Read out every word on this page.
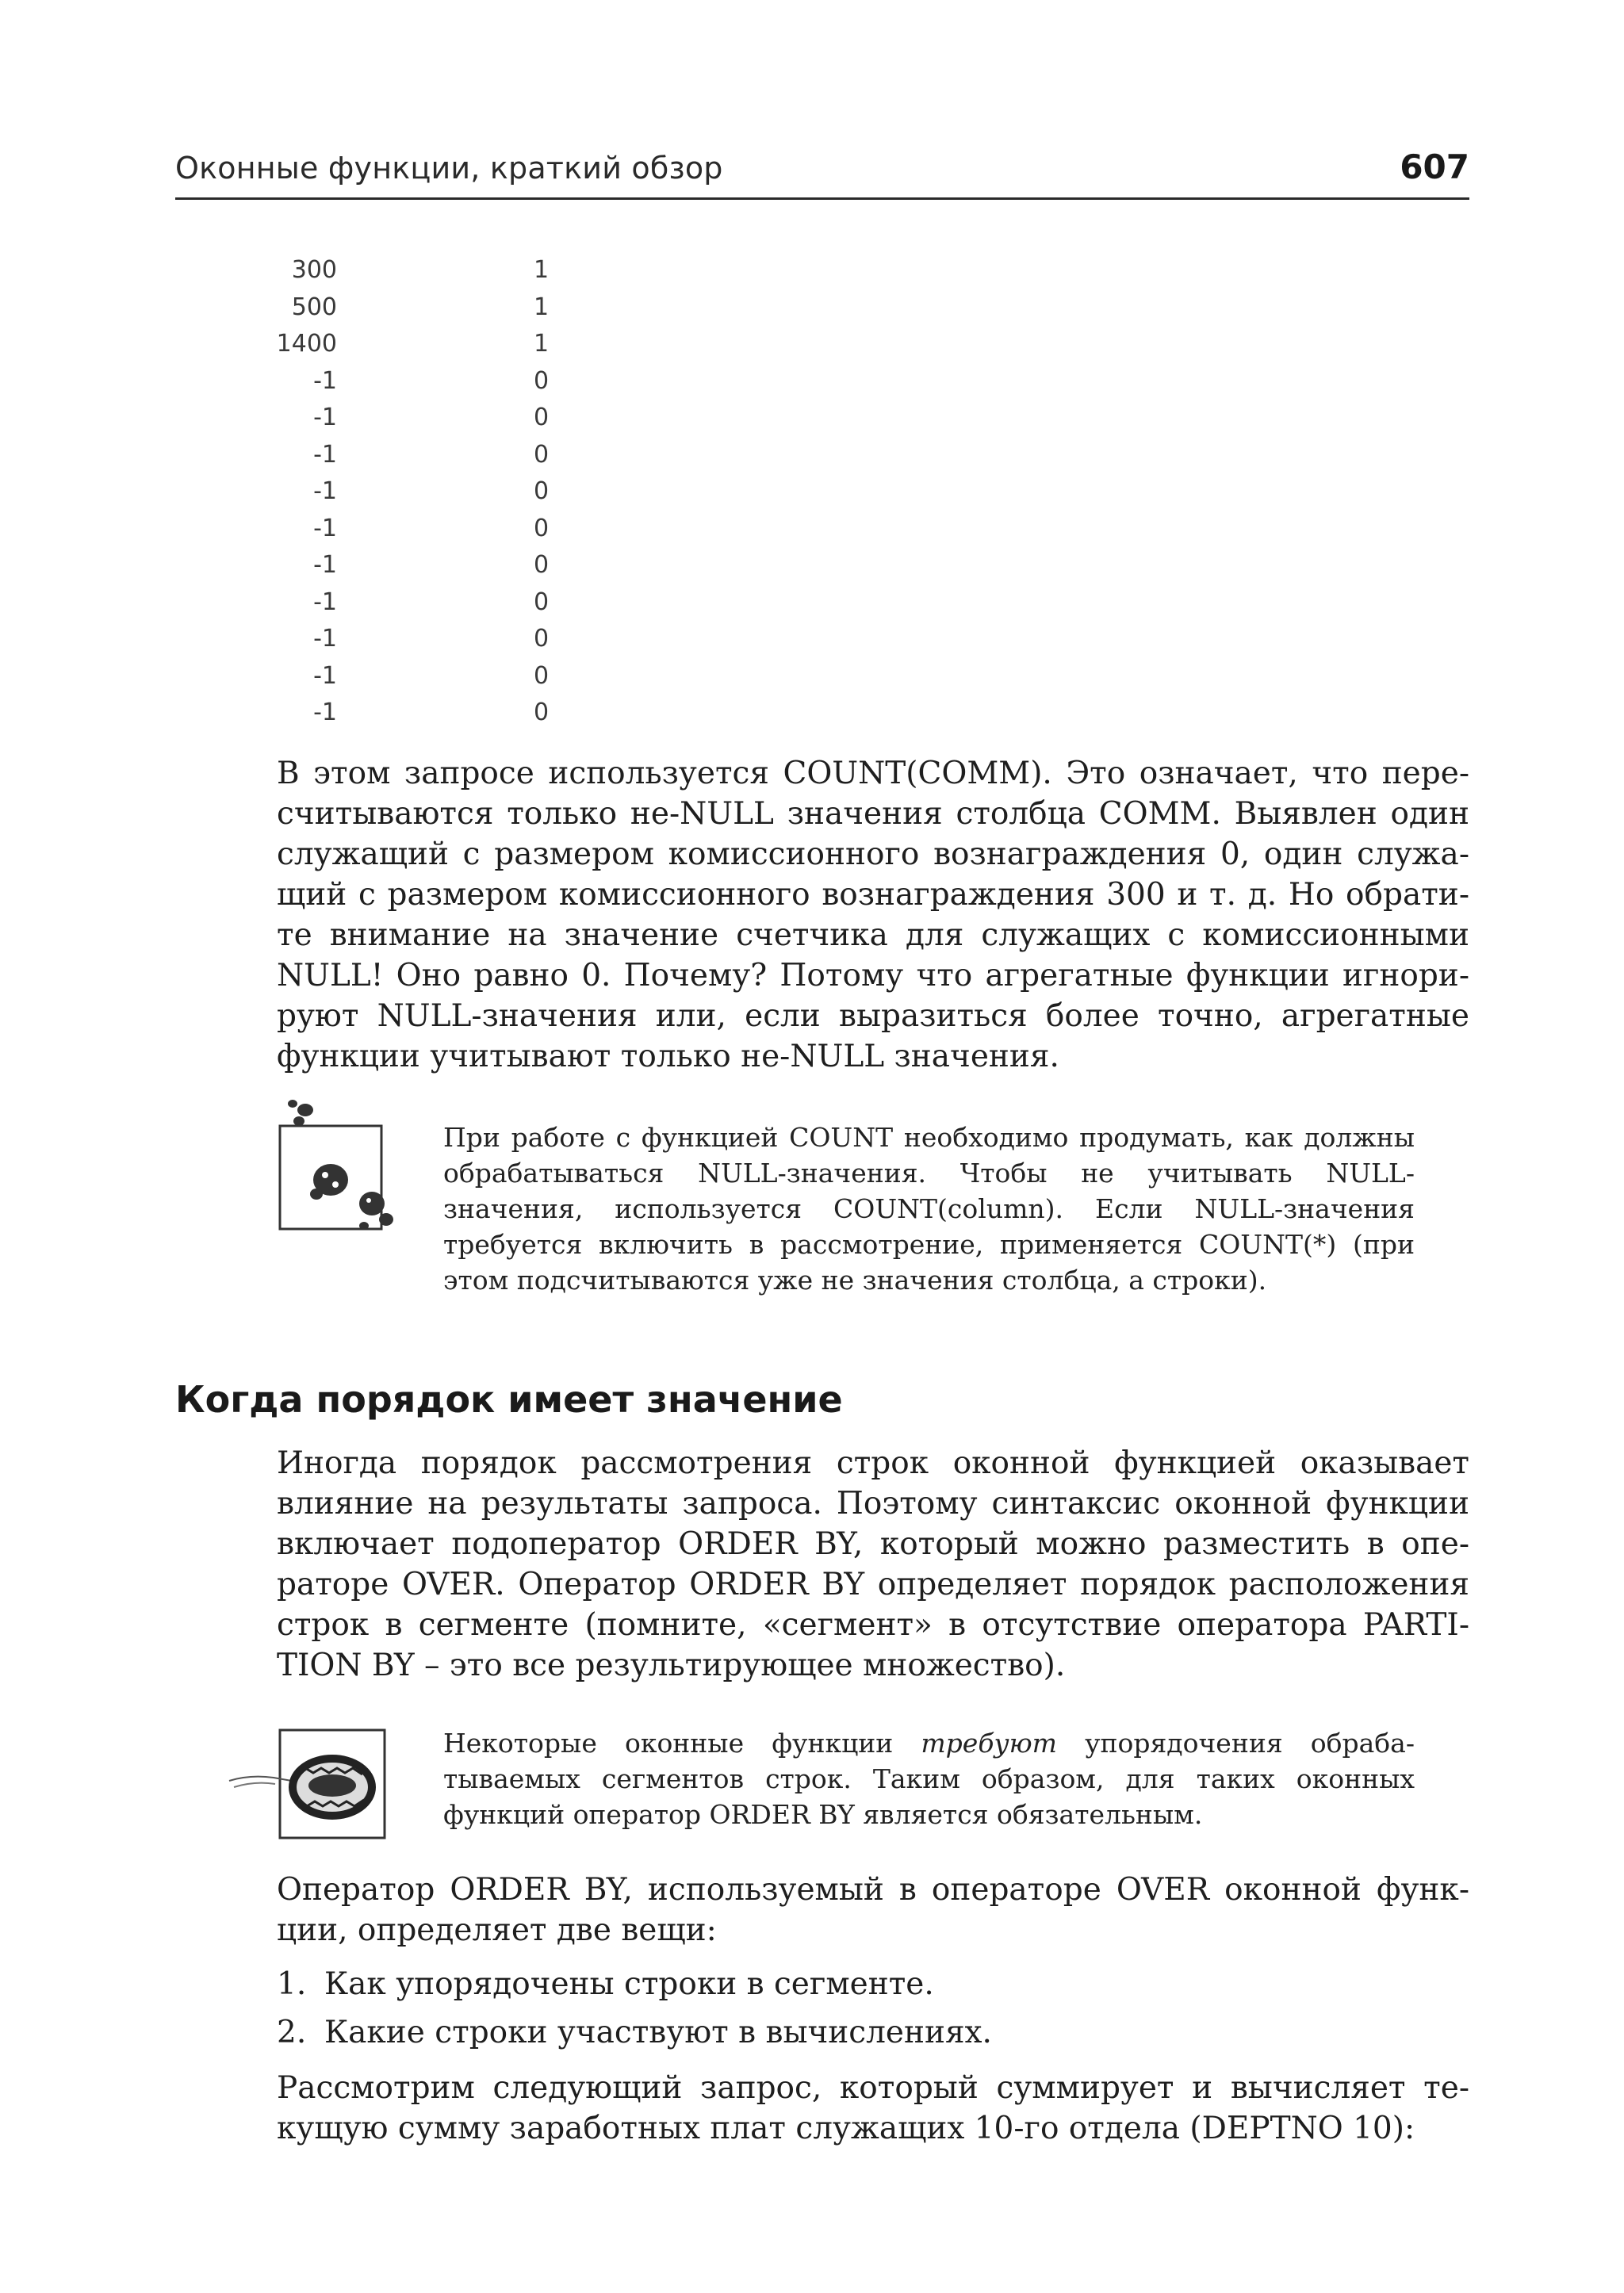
Оконные функции, краткий обзор	607
300	1
500	1
1400	1
-1	0
-1	0
-1	0
-1	0
-1	0
-1	0
-1	0
-1	0
-1	0
-1	0
В этом запросе используется COUNT(COMM). Это означает, что пересчитываются только не-NULL значения столбца COMM. Выявлен один служащий с размером комиссионного вознаграждения 0, один служащий с размером комиссионного вознаграждения 300 и т. д. Но обратите внимание на значение счетчика для служащих с комиссионными NULL! Оно равно 0. Почему? Потому что агрегатные функции игнорируют NULL-значения или, если выразиться более точно, агрегатные функции учитывают только не-NULL значения.
При работе с функцией COUNT необходимо продумать, как должны обрабатываться NULL-значения. Чтобы не учитывать NULL-значения, используется COUNT(column). Если NULL-значения требуется включить в рассмотрение, применяется COUNT(*) (при этом подсчитываются уже не значения столбца, а строки).
Когда порядок имеет значение
Иногда порядок рассмотрения строк оконной функцией оказывает влияние на результаты запроса. Поэтому синтаксис оконной функции включает подоператор ORDER BY, который можно разместить в операторе OVER. Оператор ORDER BY определяет порядок расположения строк в сегменте (помните, «сегмент» в отсутствие оператора PARTITION BY – это все результирующее множество).
Некоторые оконные функции требуют упорядочения обрабатываемых сегментов строк. Таким образом, для таких оконных функций оператор ORDER BY является обязательным.
Оператор ORDER BY, используемый в операторе OVER оконной функции, определяет две вещи:
1. Как упорядочены строки в сегменте.
2. Какие строки участвуют в вычислениях.
Рассмотрим следующий запрос, который суммирует и вычисляет текущую сумму заработных плат служащих 10-го отдела (DEPTNO 10):
